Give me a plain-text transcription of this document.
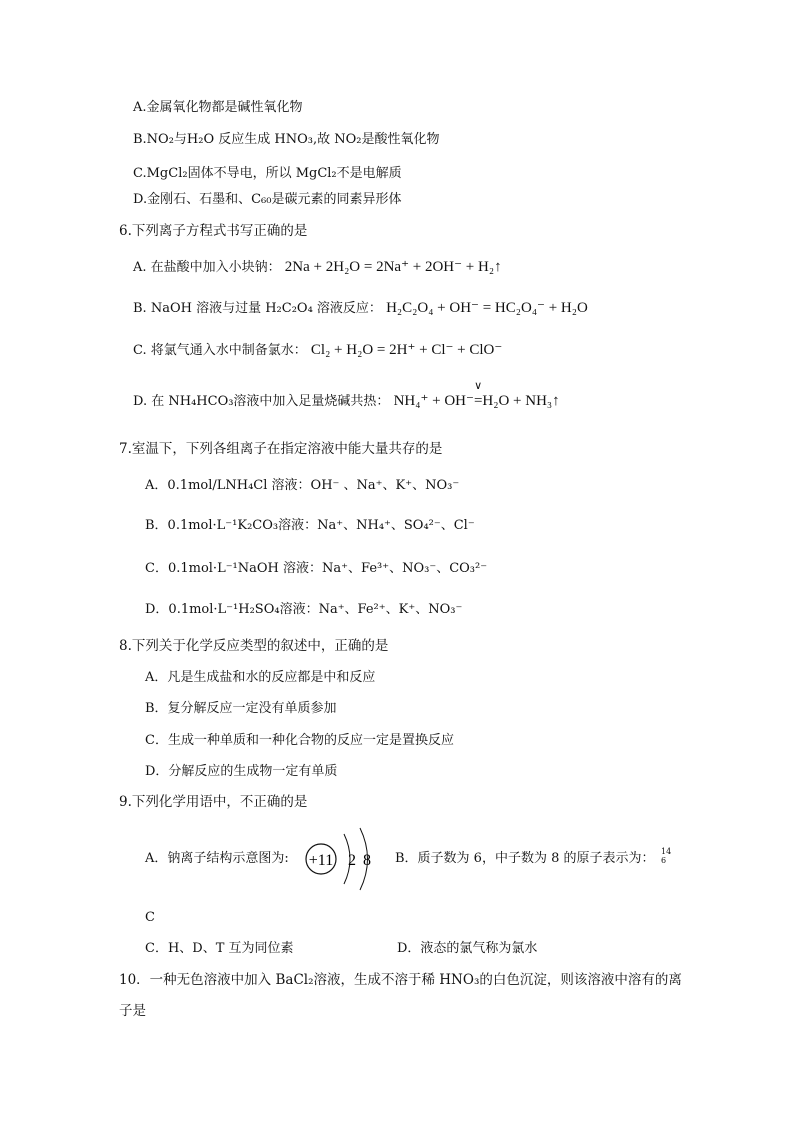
A.金属氧化物都是碱性氧化物
B.NO₂与H₂O 反应生成 HNO₃,故 NO₂是酸性氧化物
C.MgCl₂固体不导电，所以 MgCl₂不是电解质
D.金刚石、石墨和、C₆₀是碳元素的同素异形体
6.下列离子方程式书写正确的是
A. 在盐酸中加入小块钠： 2Na + 2H₂O = 2Na⁺ + 2OH⁻ + H₂↑
B. NaOH 溶液与过量 H₂C₂O₄ 溶液反应： H₂C₂O₄ + OH⁻ = HC₂O₄⁻ + H₂O
C. 将氯气通入水中制备氯水： Cl₂ + H₂O = 2H⁺ + Cl⁻ + ClO⁻
D. 在 NH₄HCO₃溶液中加入足量烧碱共热： NH₄⁺ + OH⁻
∨
=H₂O + NH₃↑
7.室温下，下列各组离子在指定溶液中能大量共存的是
A．0.1mol/LNH₄Cl 溶液：OH⁻ 、Na⁺、K⁺、NO₃⁻
B．0.1mol·L⁻¹K₂CO₃溶液：Na⁺、NH₄⁺、SO₄²⁻、Cl⁻
C．0.1mol·L⁻¹NaOH 溶液：Na⁺、Fe³⁺、NO₃⁻、CO₃²⁻
D．0.1mol·L⁻¹H₂SO₄溶液：Na⁺、Fe²⁺、K⁺、NO₃⁻
8.下列关于化学反应类型的叙述中，正确的是
A．凡是生成盐和水的反应都是中和反应
B．复分解反应一定没有单质参加
C．生成一种单质和一种化合物的反应一定是置换反应
D．分解反应的生成物一定有单质
9.下列化学用语中，不正确的是
A．钠离子结构示意图为: +11 2 8 B．质子数为 6，中子数为 8 的原子表示为： 14
6
C
C．H、D、T 互为同位素	D．液态的氯气称为氯水
10．一种无色溶液中加入 BaCl₂溶液，生成不溶于稀 HNO₃的白色沉淀，则该溶液中溶有的离
子是
